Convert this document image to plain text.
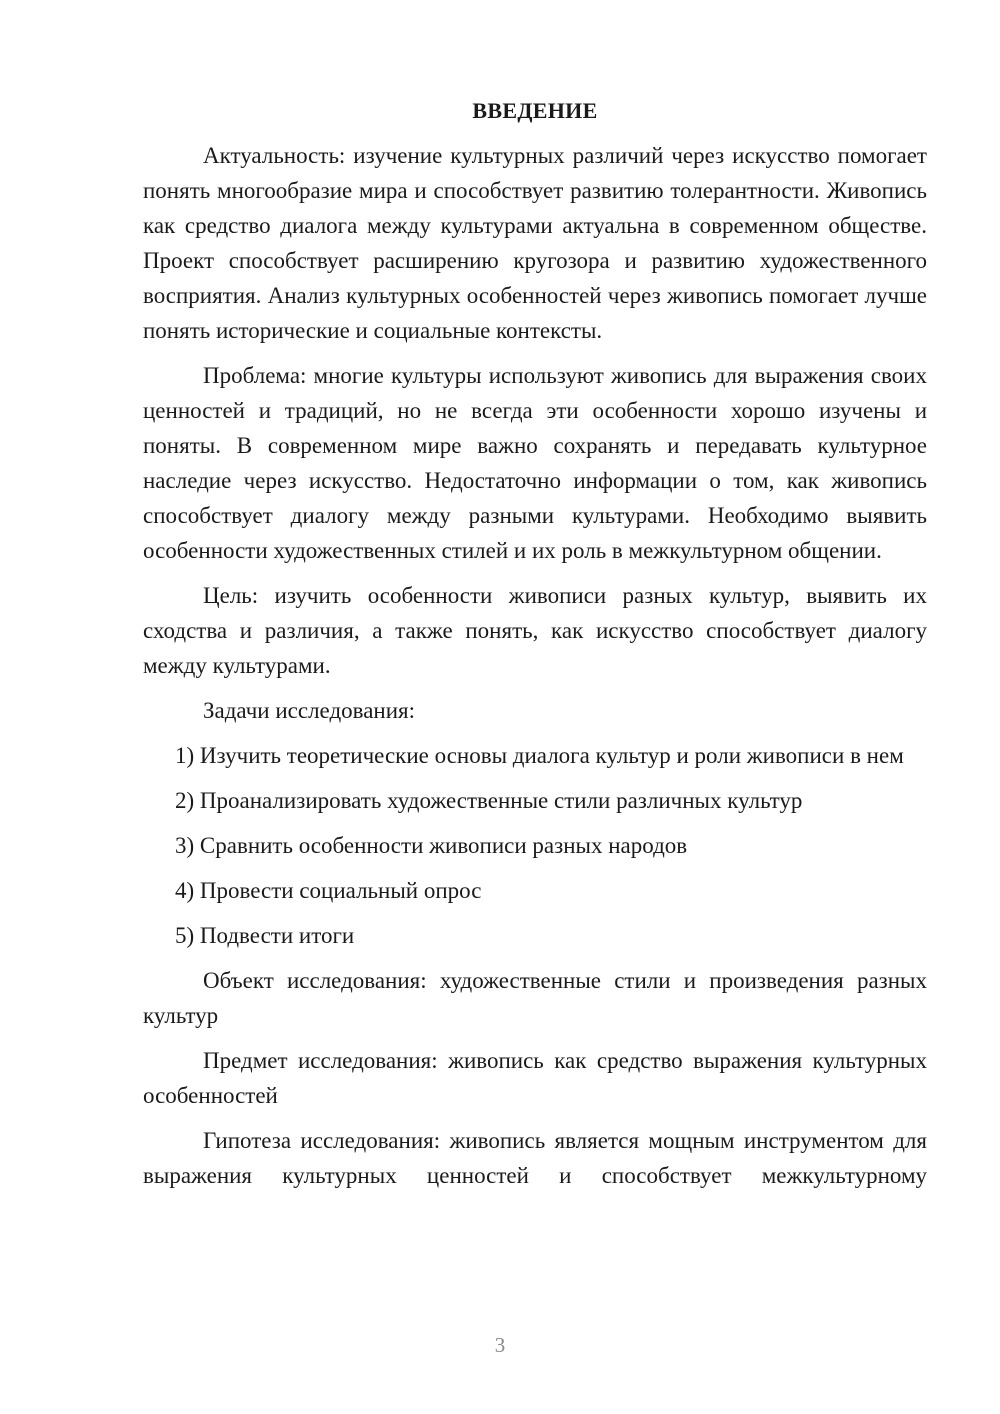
ВВЕДЕНИЕ

Актуальность: изучение культурных различий через искусство помогает понять многообразие мира и способствует развитию толерантности. Живопись как средство диалога между культурами актуальна в современном обществе. Проект способствует расширению кругозора и развитию художественного восприятия. Анализ культурных особенностей через живопись помогает лучше понять исторические и социальные контексты.

Проблема: многие культуры используют живопись для выражения своих ценностей и традиций, но не всегда эти особенности хорошо изучены и поняты. В современном мире важно сохранять и передавать культурное наследие через искусство. Недостаточно информации о том, как живопись способствует диалогу между разными культурами. Необходимо выявить особенности художественных стилей и их роль в межкультурном общении.

Цель: изучить особенности живописи разных культур, выявить их сходства и различия, а также понять, как искусство способствует диалогу между культурами.

Задачи исследования:

1) Изучить теоретические основы диалога культур и роли живописи в нем

2) Проанализировать художественные стили различных культур

3) Сравнить особенности живописи разных народов

4) Провести социальный опрос

5) Подвести итоги

Объект исследования: художественные стили и произведения разных культур

Предмет исследования: живопись как средство выражения культурных особенностей

Гипотеза исследования: живопись является мощным инструментом для выражения культурных ценностей и способствует межкультурному

3
